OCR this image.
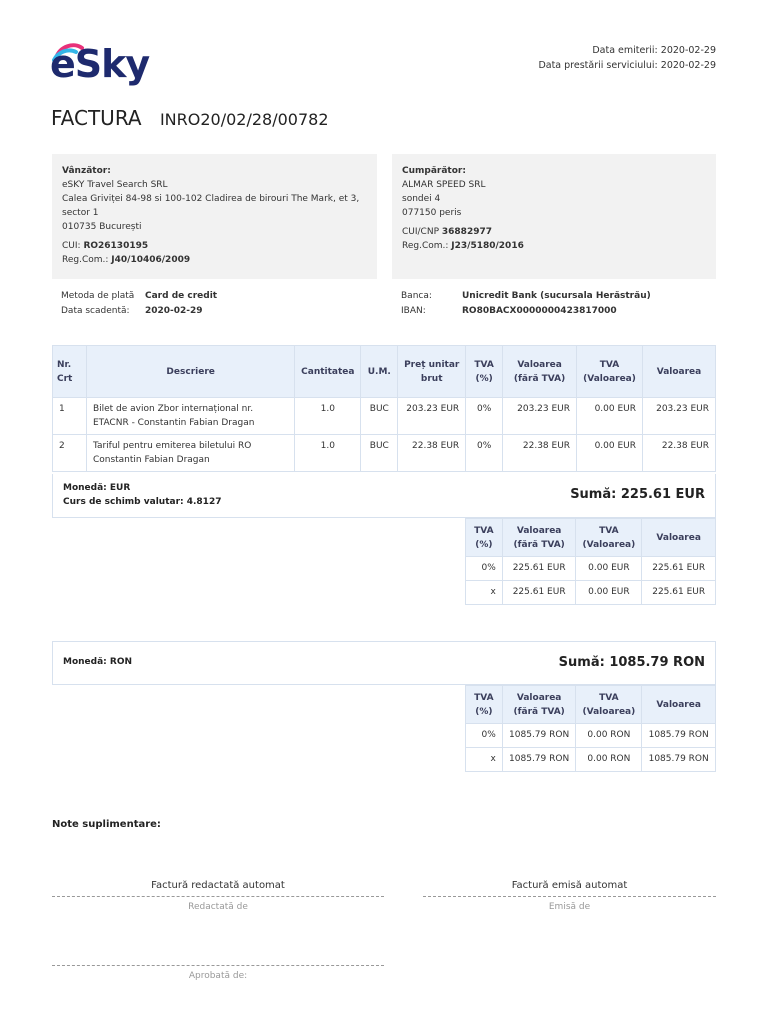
eSky	Data emiterii: 2020-02-29
Data prestării serviciului: 2020-02-29
FACTURA INRO20/02/28/00782
Vânzător:
eSKY Travel Search SRL
Calea Griviței 84-98 si 100-102 Cladirea de birouri The Mark, et 3,
sector 1
010735 București
CUI: RO26130195
Reg.Com.: J40/10406/2009
Cumpărător:
ALMAR SPEED SRL
sondei 4
077150 peris
CUI/CNP 36882977
Reg.Com.: J23/5180/2016
Metoda de plată	Card de credit
Data scadentă:	2020-02-29
Banca:	Unicredit Bank (sucursala Herăstrău)
IBAN:	RO80BACX0000000423817000
Nr. Crt	Descriere	Cantitatea	U.M.	Preț unitar brut	TVA (%)	Valoarea (fără TVA)	TVA (Valoarea)	Valoarea
1	Bilet de avion Zbor internațional nr. ETACNR - Constantin Fabian Dragan	1.0	BUC	203.23 EUR	0%	203.23 EUR	0.00 EUR	203.23 EUR
2	Tariful pentru emiterea biletului RO Constantin Fabian Dragan	1.0	BUC	22.38 EUR	0%	22.38 EUR	0.00 EUR	22.38 EUR
Monedă: EUR
Curs de schimb valutar: 4.8127	Sumă: 225.61 EUR
TVA (%)	Valoarea (fără TVA)	TVA (Valoarea)	Valoarea
0%	225.61 EUR	0.00 EUR	225.61 EUR
x	225.61 EUR	0.00 EUR	225.61 EUR
Monedă: RON	Sumă: 1085.79 RON
TVA (%)	Valoarea (fără TVA)	TVA (Valoarea)	Valoarea
0%	1085.79 RON	0.00 RON	1085.79 RON
x	1085.79 RON	0.00 RON	1085.79 RON
Note suplimentare:
Factură redactată automat
Redactată de
Factură emisă automat
Emisă de
Aprobată de:
